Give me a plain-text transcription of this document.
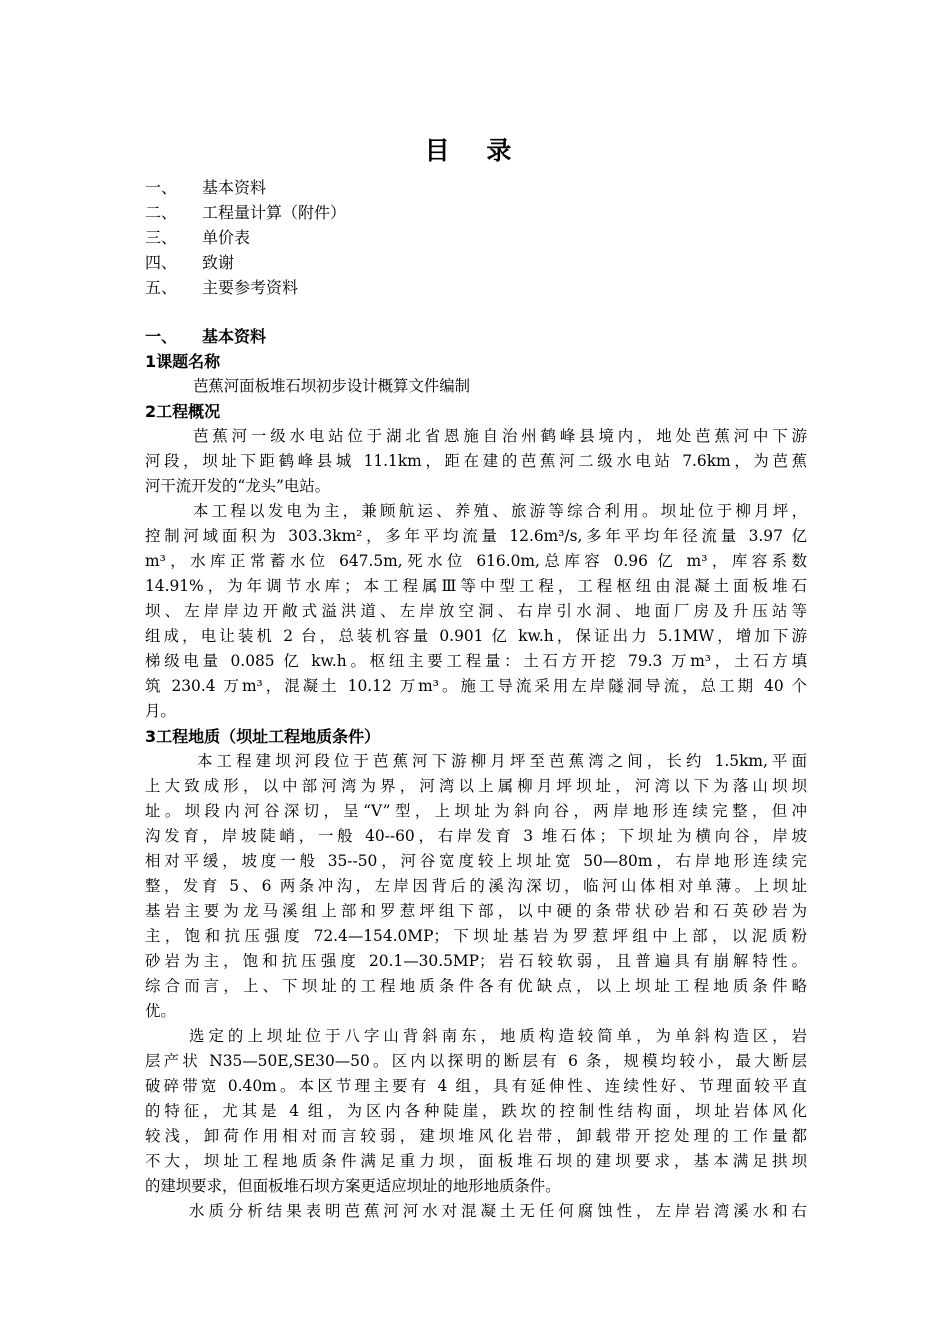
目 录
一、 基本资料
二、 工程量计算（附件）
三、 单价表
四、 致谢
五、 主要参考资料
一、 基本资料
1课题名称
芭蕉河面板堆石坝初步设计概算文件编制
2工程概况
芭蕉河一级水电站位于湖北省恩施自治州鹤峰县境内，地处芭蕉河中下游
河段，坝址下距鹤峰县城 11.1km，距在建的芭蕉河二级水电站 7.6km，为芭蕉
河干流开发的“龙头”电站。
本工程以发电为主，兼顾航运、养殖、旅游等综合利用。坝址位于柳月坪，
控制河域面积为 303.3km²，多年平均流量 12.6m³/s,多年平均年径流量 3.97 亿
m³，水库正常蓄水位 647.5m,死水位 616.0m,总库容 0.96 亿 m³，库容系数
14.91%，为年调节水库；本工程属Ⅲ等中型工程，工程枢纽由混凝土面板堆石
坝、左岸岸边开敞式溢洪道、左岸放空洞、右岸引水洞、地面厂房及升压站等
组成，电让装机 2 台，总装机容量 0.901 亿 kw.h，保证出力 5.1MW，增加下游
梯级电量 0.085 亿 kw.h。枢纽主要工程量：土石方开挖 79.3 万m³，土石方填
筑 230.4 万m³，混凝土 10.12 万m³。施工导流采用左岸隧洞导流，总工期 40 个
月。
3工程地质（坝址工程地质条件）
本工程建坝河段位于芭蕉河下游柳月坪至芭蕉湾之间，长约 1.5km,平面
上大致成形，以中部河湾为界，河湾以上属柳月坪坝址，河湾以下为落山坝坝
址。坝段内河谷深切，呈“V”型，上坝址为斜向谷，两岸地形连续完整，但冲
沟发育，岸坡陡峭，一般 40--60，右岸发育 3 堆石体；下坝址为横向谷，岸坡
相对平缓，坡度一般 35--50，河谷宽度较上坝址宽 50—80m，右岸地形连续完
整，发育 5、6 两条冲沟，左岸因背后的溪沟深切，临河山体相对单薄。上坝址
基岩主要为龙马溪组上部和罗惹坪组下部，以中硬的条带状砂岩和石英砂岩为
主，饱和抗压强度 72.4—154.0MP；下坝址基岩为罗惹坪组中上部，以泥质粉
砂岩为主，饱和抗压强度 20.1—30.5MP；岩石较软弱，且普遍具有崩解特性。
综合而言，上、下坝址的工程地质条件各有优缺点，以上坝址工程地质条件略
优。
选定的上坝址位于八字山背斜南东，地质构造较简单，为单斜构造区，岩
层产状 N35—50E,SE30—50。区内以探明的断层有 6 条，规模均较小，最大断层
破碎带宽 0.40m。本区节理主要有 4 组，具有延伸性、连续性好、节理面较平直
的特征，尤其是 4 组，为区内各种陡崖，跌坎的控制性结构面，坝址岩体风化
较浅，卸荷作用相对而言较弱，建坝堆风化岩带，卸载带开挖处理的工作量都
不大，坝址工程地质条件满足重力坝，面板堆石坝的建坝要求，基本满足拱坝
的建坝要求，但面板堆石坝方案更适应坝址的地形地质条件。
水质分析结果表明芭蕉河河水对混凝土无任何腐蚀性，左岸岩湾溪水和右
